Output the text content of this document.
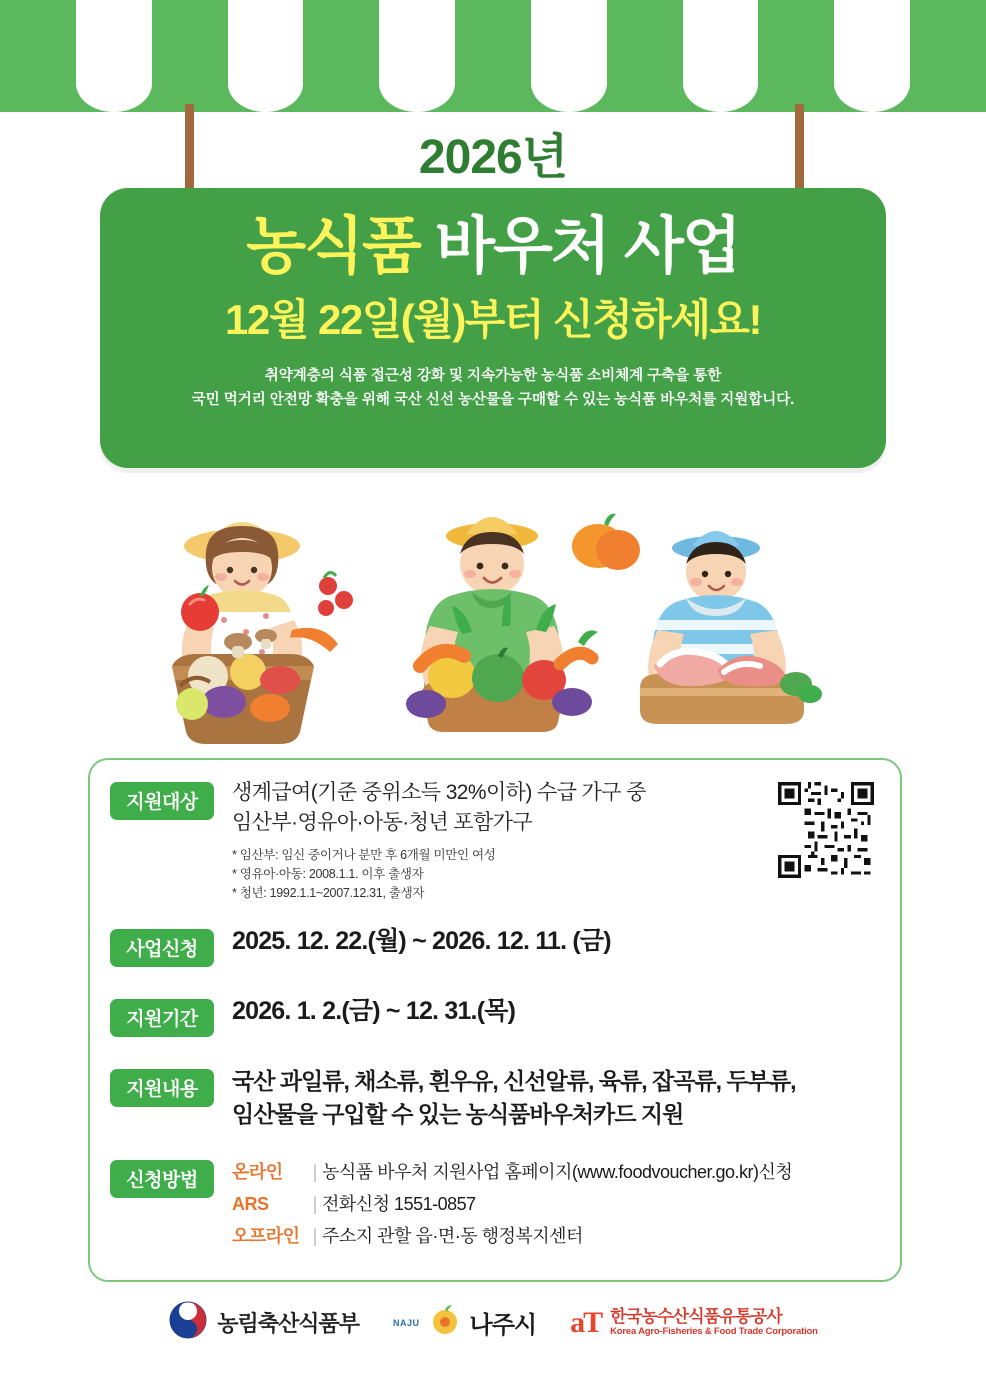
2026년
농식품 바우처 사업
12월 22일(월)부터 신청하세요!
취약계층의 식품 접근성 강화 및 지속가능한 농식품 소비체계 구축을 통한
국민 먹거리 안전망 확충을 위해 국산 신선 농산물을 구매할 수 있는 농식품 바우처를 지원합니다.
지원대상	생계급여(기준 중위소득 32%이하) 수급 가구 중
임산부·영유아·아동·청년 포함가구
* 임산부: 임신 중이거나 분만 후 6개월 미만인 여성
* 영유아·아동: 2008.1.1. 이후 출생자
* 청년: 1992.1.1~2007.12.31, 출생자
사업신청	2025. 12. 22.(월) ~ 2026. 12. 11. (금)
지원기간	2026. 1. 2.(금) ~ 12. 31.(목)
지원내용	국산 과일류, 채소류, 흰우유, 신선알류, 육류, 잡곡류, 두부류,
임산물을 구입할 수 있는 농식품바우처카드 지원
신청방법	온라인	| 농식품 바우처 지원사업 홈페이지(www.foodvoucher.go.kr)신청
ARS	| 전화신청 1551-0857
오프라인 | 주소지 관할 읍·면·동 행정복지센터
농림축산식품부	NAJU 나주시 aT 한국농수산식품유통공사
Korea Agro-Fisheries & Food Trade Corporation
